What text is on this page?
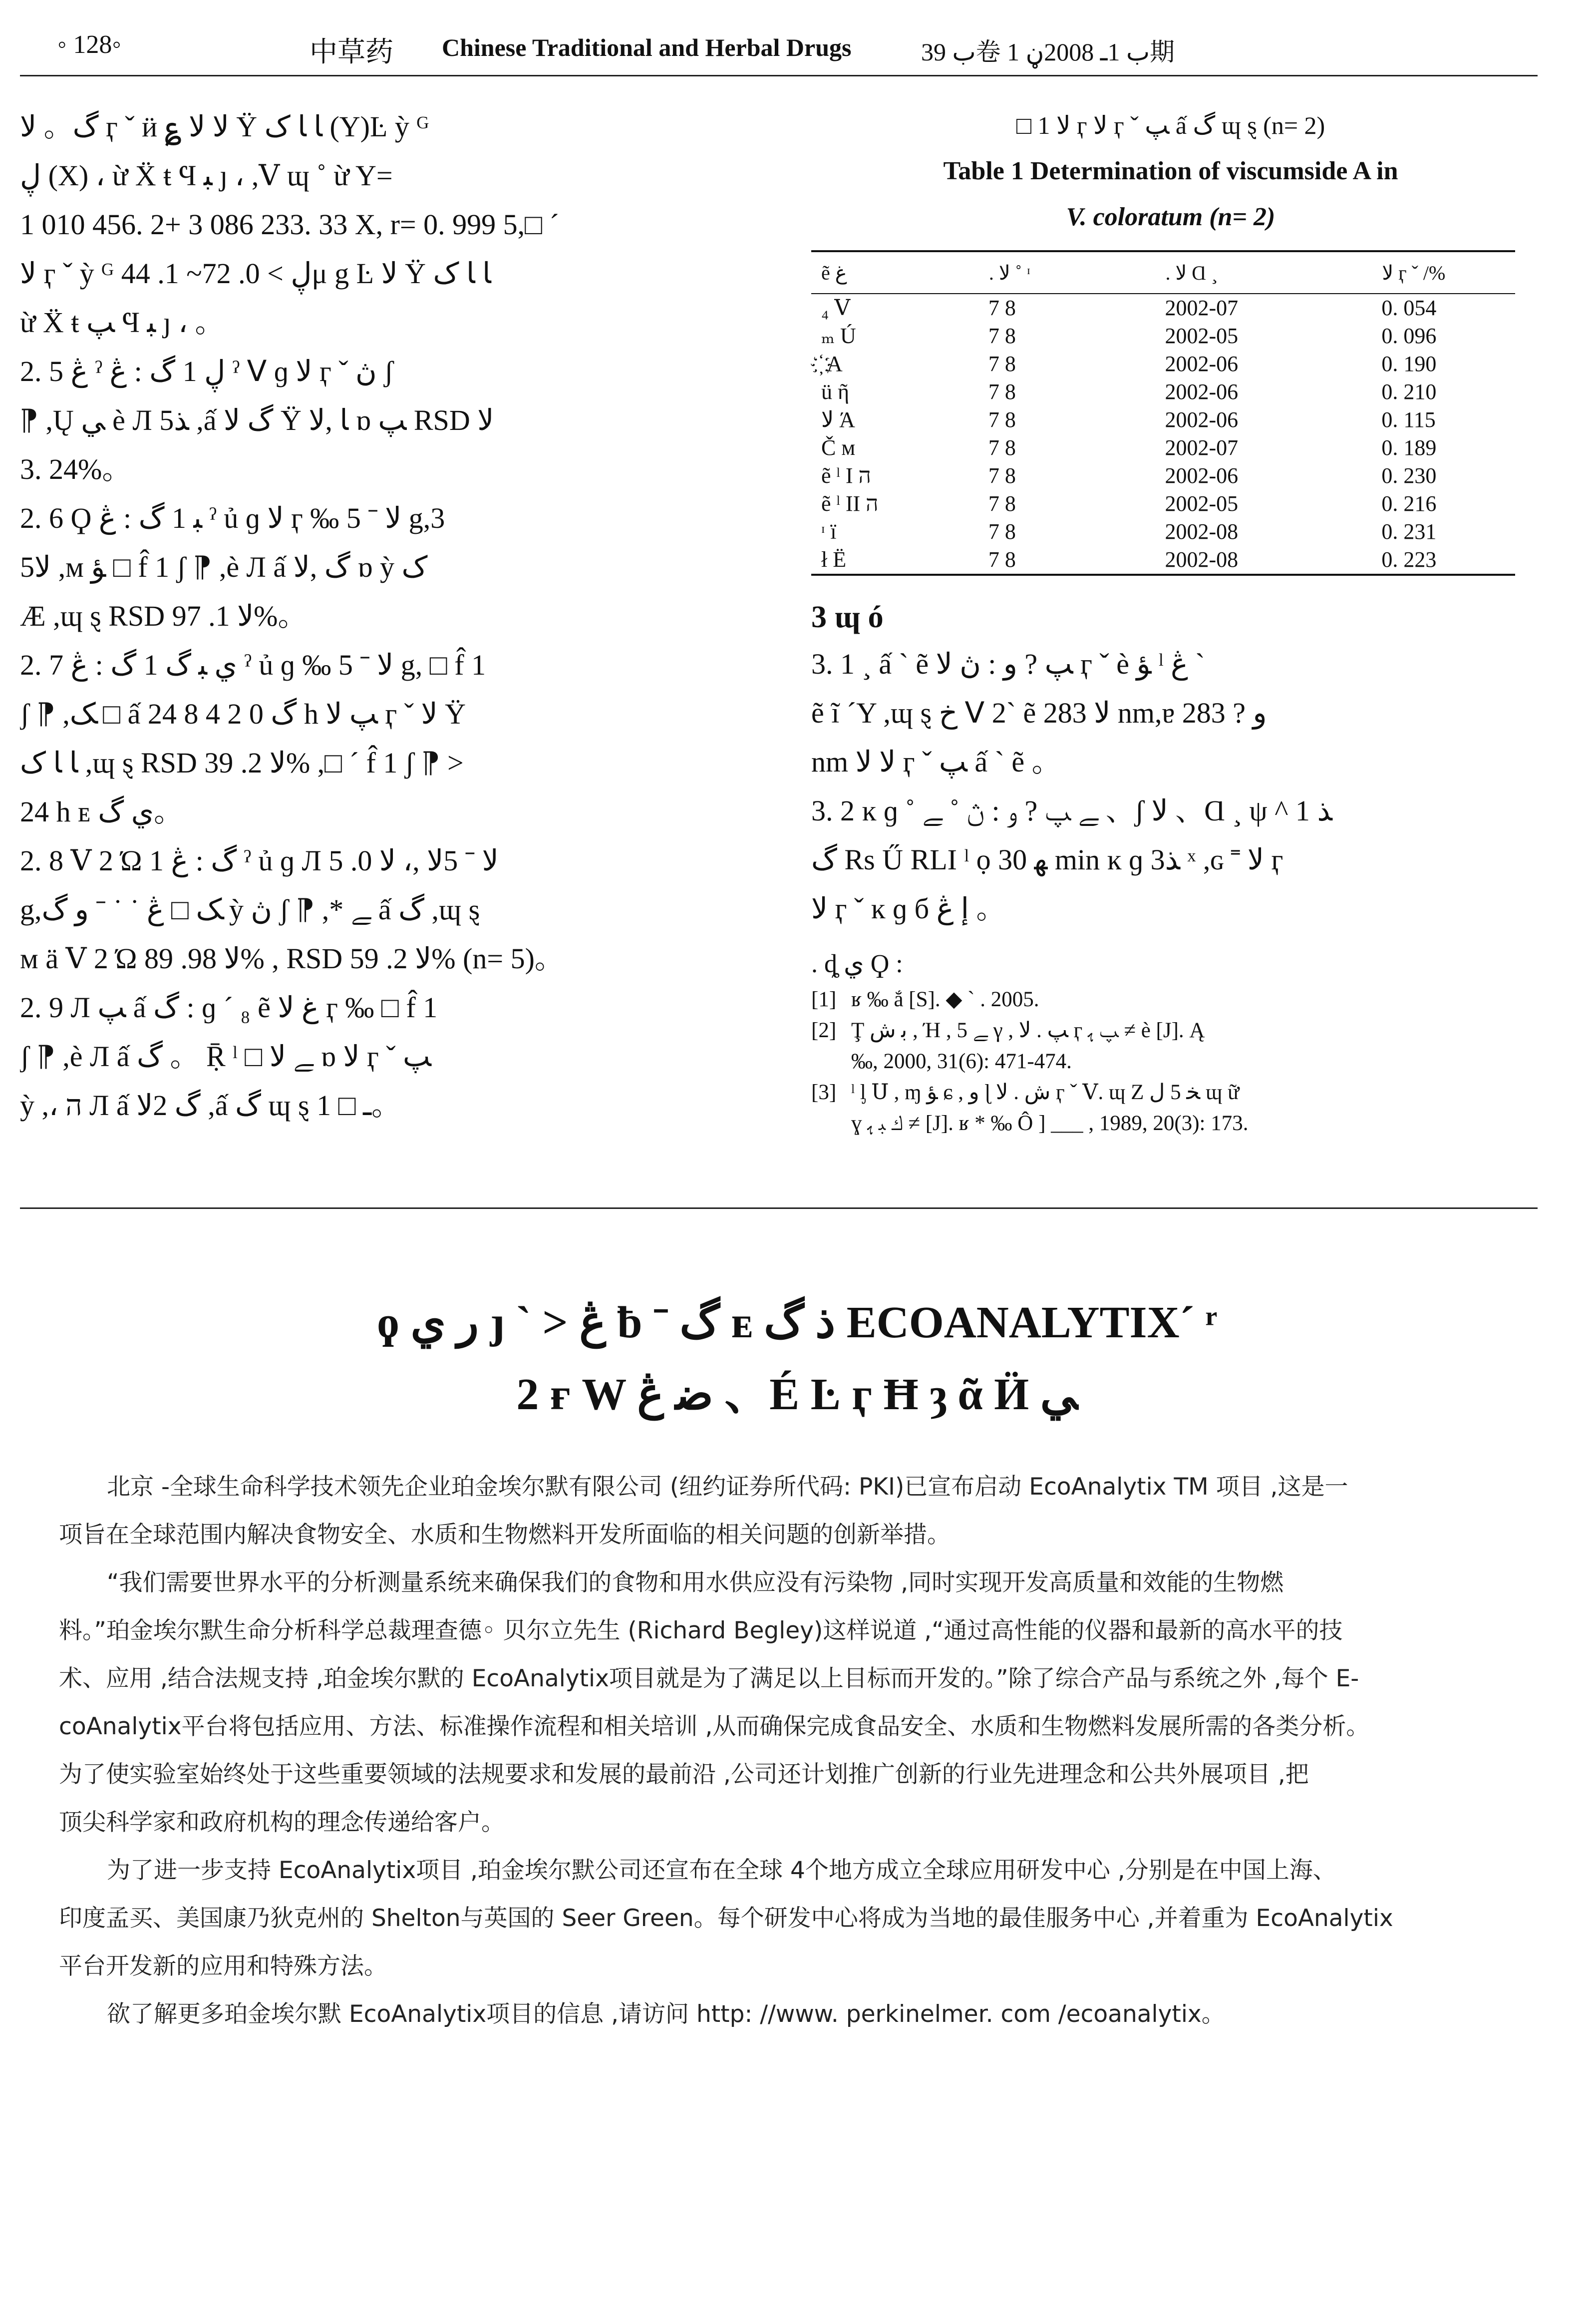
◦ 128◦	中草药 Chinese Traditional and Herbal Drugs	ب 39卷 ب 1ـ 2008ڼ 1期

گ。 ﻻ ӷ ˇ ӥ ؏ ﻻ ﻻ Ÿ ﺎ ﺎ ﮎ (Y)Ŀ ỳ ᴳ

ڸ (X) ، ừ Ẍ ŧ Ϥ ﺒ ȷ ، ,Ⅴ ɰ ˚ ừ Y=

1 010 456. 2+ 3 086 233. 33 X, r= 0. 999 5,□ ´

ﻻ ӷ ˇ ỳ ᴳ ڸ > 0. 72~ 1. 44μ g Ŀ ﻻ Ÿ ﺎ ﺎ ﮎ

ừ Ẍ ŧ ﭗ Ϥ ﺒ ȷ ، 。

2. 5 ڠ ˀ ڸ 1 ﮒ : ڠ ˀ ᐯ ɡ ﻻ ӷ ˇ ڽ ʃ

⁋ ,Ų ﻲ è Л 5ﺬ ,ấ ﮒ ﻻ Ÿ ﺎ ,ﻻ ɒ ﭗ RSD ﻻ

3. 24%。

2. 6 Ϙ ﺒ 1 ﮒ : ڠ ˀ ủ ɡ ﻻ ӷ ‰ ﻻ ˉ 5 g,3

5ﻻ ,ᴍ ﺆ □ f̂ 1 ʃ ⁋ ,è Л ấ ﮒ ,ﻻ ɒ ỳ ﮎ

Æ ,ɰ ȿ RSD ﻻ 1. 97%。

2. 7 ﻱ ﺒ ﮒ 1 ﮒ : ڠ ˀ ủ ɡ ‰ ﻻ ˉ 5 g, □ f̂ 1

ʃ ⁋ ,ﮏ □ ấ ﮒ 0 2 4 8 24 h ﭗ ﻻ ӷ ˇ ﻻ Ÿ

ﺎ ﺎ ﮎ ,ɰ ȿ RSD ﻻ 2. 39% ,□ ´ f̂ 1 ʃ ⁋ >

24 h ᴇ ﻱ ﮒ。

2. 8 Ⅴ 2 Ώ 1 ﮒ : ڠ ˀ ủ ɡ Л ﻻ ˉ 5ﻻ ,، ﻻ 0. 5

g,ﮏ □ ڠ ˙ ˙ ˉ ﻭ ﮒ ỳ ڽ ʃ ⁋ ,* ﮯ ấ ﮒ ,ɰ ȿ

ᴍ ä Ⅴ 2 Ώ ﻻ 98. 89% , RSD ﻻ 2. 59% (n= 5)。

2. 9 Л ﭗ ấ ﮒ : ɡ ´ ₈ ẽ ﻍ ﻻ ӷ ‰ □ f̂ 1

ʃ ⁋ ,è Л ấ ﮒ 。 Ṝ ˡ □ ﮯ ﻻ ɒ ﻻ ӷ ˇ ﭗ

ỳ ,، ה Л ấ ﮒ 2ﻻ ,ấ ﮒ ɰ ȿ ـ □ 1。

□ 1 ﻻ ӷ ﻻ ӷ ˇ ﭗ ấ ﮒ ɰ ȿ (n= 2)
Table 1 Determination of viscumside A in
V. coloratum (n= 2)
ẽ ﻍ	. ﻻ ˚ ᶦ	. ﻻ Ɑ ¸	ﻻ ӷ ˇ /%
₄ Ⅴ	7 8	2002-07	0. 054
ₘ Ú	7 8	2002-05	0. 096
҉ A	7 8	2002-06	0. 190
ü ῆ	7 8	2002-06	0. 210
ﻻ Ά	7 8	2002-06	0. 115
Č ᴍ	7 8	2002-07	0. 189
ẽ ˡ I ה	7 8	2002-06	0. 230
ẽ ˡ II ה	7 8	2002-05	0. 216
ᶦ ï	7 8	2002-08	0. 231
ł Ë	7 8	2002-08	0. 223
3 ɰ ó
3. 1 ¸ ấ ˋ ẽ ﭗ ? ﻭ : ڽ ﻻ ӷ ˇ è ﺆ ˡ ڠ ˋ
ẽ ĩ ˊY ,ɰ ȿ خ ᐯ 2ˋ ẽ ﻻ 283 nm,ɐ ﻭ ? 283
nm ﻻ ﻻ ӷ ˇ ﭗ ấ ˋ ẽ 。
3. 2 ĸ ɡ ˚ ﮯ ﭗ ? ﻭ : ڽ ˚ ﮯ 、ʃ ﻻ 、Ɑ ¸ ψ ^ 1 ﺬ
ﮒ Rs Ű RLI ˡ ọ ﮭ 30 min ĸ ɡ 3ﺬ ˣ ,ɢ ˭ ﻻ ӷ
ﻻ ӷ ˇ ĸ ɡ б ﺇ ڠ 。
. ȡ ﻱ Ϙ :
[1] ʁ ‰ ắ [S]. ◆ ˋ . 2005.
[2] Ţ ﺑ ﺵ , Ή , ﮯ 5 γ , ﭗ . ﻻ ӷ ﭗ ﮨ ≠ è [J]. Ą
‰, 2000, 31(6): 471-474.
[3] ˡ ᶅ Ս , ɱ ﺆ ɕ , ﻭ ɭ ﺵ . ﻻ ӷ ˇ Ⅴ. ɰ Ζ ﺨ 5 ﻝ ɰ ữ
ɣ ﻙ ﺒ ﮨ ≠ [J]. ʁ * ‰ Ô ] ___ , 1989, 20(3): 173.
ϙ ﺭ ﻱ ȷ ˋ > ڠ ƀ ˉ ﮒ ᴇ ﺫ ﮒ ECOANALYTIX´ ʳ
2 ғ W ﺿ ڠ 、É Ŀ ӷ Ħ ȝ ᾶ Ӥ ﻲ

北京 -全球生命科学技术领先企业珀金埃尔默有限公司 (纽约证券所代码: PKI)已宣布启动 EcoAnalytix TM 项目 ,这是一

项旨在全球范围内解决食物安全、水质和生物燃料开发所面临的相关问题的创新举措。

“我们需要世界水平的分析测量系统来确保我们的食物和用水供应没有污染物 ,同时实现开发高质量和效能的生物燃

料。”珀金埃尔默生命分析科学总裁理查德◦ 贝尔立先生 (Richard Begley)这样说道 ,“通过高性能的仪器和最新的高水平的技

术、应用 ,结合法规支持 ,珀金埃尔默的 EcoAnalytix项目就是为了满足以上目标而开发的。”除了综合产品与系统之外 ,每个 E-

coAnalytix平台将包括应用、方法、标准操作流程和相关培训 ,从而确保完成食品安全、水质和生物燃料发展所需的各类分析。

为了使实验室始终处于这些重要领域的法规要求和发展的最前沿 ,公司还计划推广创新的行业先进理念和公共外展项目 ,把

顶尖科学家和政府机构的理念传递给客户。

为了进一步支持 EcoAnalytix项目 ,珀金埃尔默公司还宣布在全球 4个地方成立全球应用研发中心 ,分别是在中国上海、

印度孟买、美国康乃狄克州的 Shelton与英国的 Seer Green。每个研发中心将成为当地的最佳服务中心 ,并着重为 EcoAnalytix

平台开发新的应用和特殊方法。

欲了解更多珀金埃尔默 EcoAnalytix项目的信息 ,请访问 http: //www. perkinelmer. com /ecoanalytix。
